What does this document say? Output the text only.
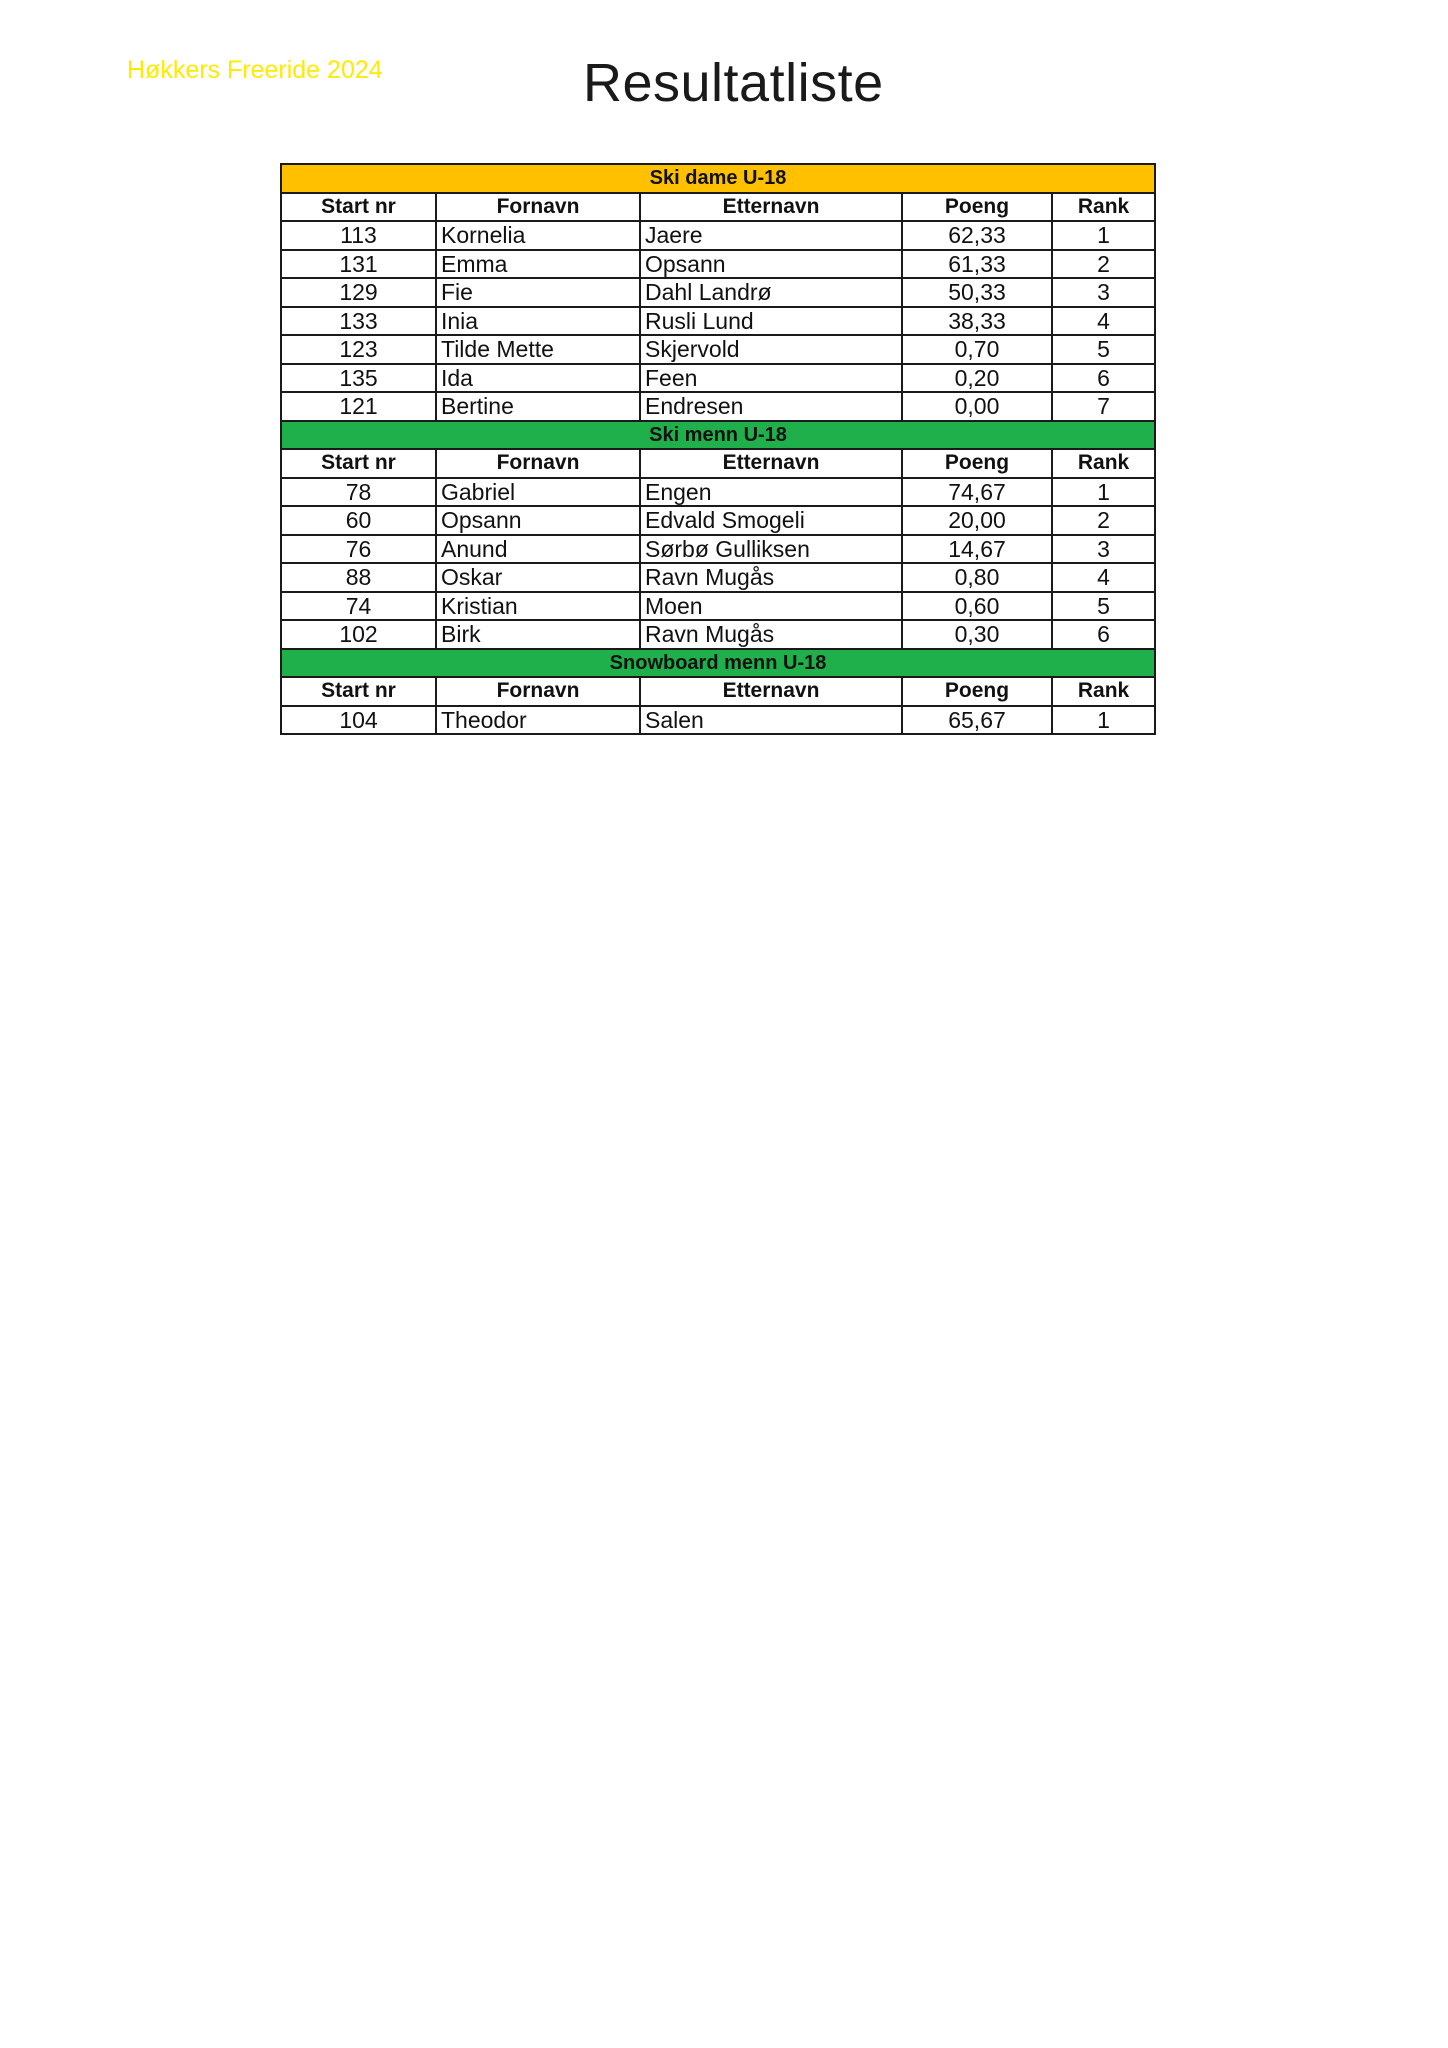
Høkkers Freeride 2024	Resultatliste
Ski dame U-18				
Start nr	Fornavn	Etternavn	Poeng	Rank
113	Kornelia	Jaere	62,33	1
131	Emma	Opsann	61,33	2
129	Fie	Dahl Landrø	50,33	3
133	Inia	Rusli Lund	38,33	4
123	Tilde Mette	Skjervold	0,70	5
135	Ida	Feen	0,20	6
121	Bertine	Endresen	0,00	7
Ski menn U-18				
Start nr	Fornavn	Etternavn	Poeng	Rank
78	Gabriel	Engen	74,67	1
60	Opsann	Edvald Smogeli	20,00	2
76	Anund	Sørbø Gulliksen	14,67	3
88	Oskar	Ravn Mugås	0,80	4
74	Kristian	Moen	0,60	5
102	Birk	Ravn Mugås	0,30	6
Snowboard menn U-18				
Start nr	Fornavn	Etternavn	Poeng	Rank
104	Theodor	Salen	65,67	1
